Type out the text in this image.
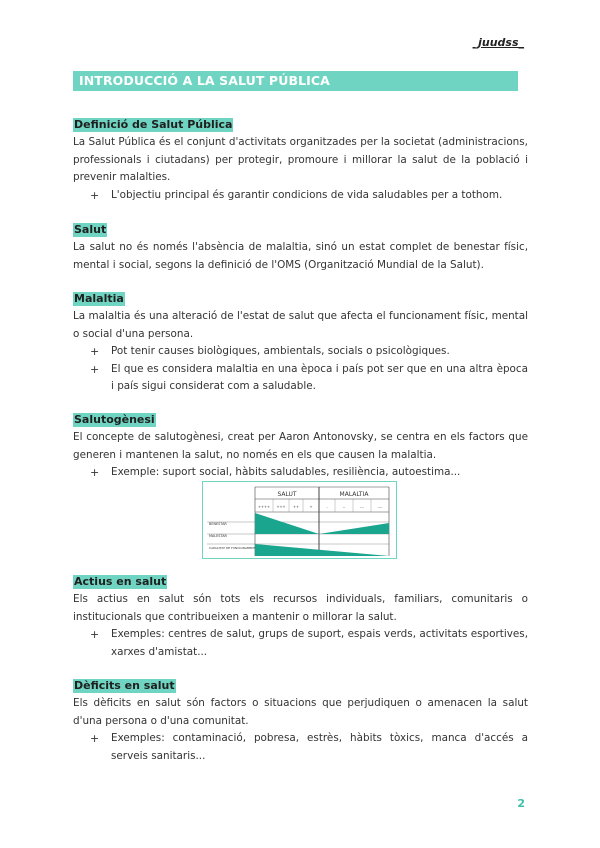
_juudss_
INTRODUCCIÓ A LA SALUT PÚBLICA
Definició de Salut Pública

La Salut Pública és el conjunt d'activitats organitzades per la societat (administracions, professionals i ciutadans) per protegir, promoure i millorar la salut de la població i prevenir malalties.

+ L'objectiu principal és garantir condicions de vida saludables per a tothom.
Salut

La salut no és només l'absència de malaltia, sinó un estat complet de benestar físic, mental i social, segons la definició de l'OMS (Organització Mundial de la Salut).

Malaltia

La malaltia és una alteració de l'estat de salut que afecta el funcionament físic, mental o social d'una persona.

+ Pot tenir causes biològiques, ambientals, socials o psicològiques.
+ El que es considera malaltia en una època i país pot ser que en una altra època i país sigui considerat com a saludable.
Salutogènesi

El concepte de salutogènesi, creat per Aaron Antonovsky, se centra en els factors que generen i mantenen la salut, no només en els que causen la malaltia.

+ Exemple: suport social, hàbits saludables, resiliència, autoestima...
SALUT	MALALTIA
++++ +++ ++	+	-	--	---	----
BENESTAR
MALESTAR
CAPACITAT DE FUNCIONAMENT
Actius en salut

Els actius en salut són tots els recursos individuals, familiars, comunitaris o institucionals que contribueixen a mantenir o millorar la salut.

+ Exemples: centres de salut, grups de suport, espais verds, activitats esportives, xarxes d'amistat...
Dèficits en salut

Els dèficits en salut són factors o situacions que perjudiquen o amenacen la salut d'una persona o d'una comunitat.

+ Exemples: contaminació, pobresa, estrès, hàbits tòxics, manca d'accés a serveis sanitaris...
2
